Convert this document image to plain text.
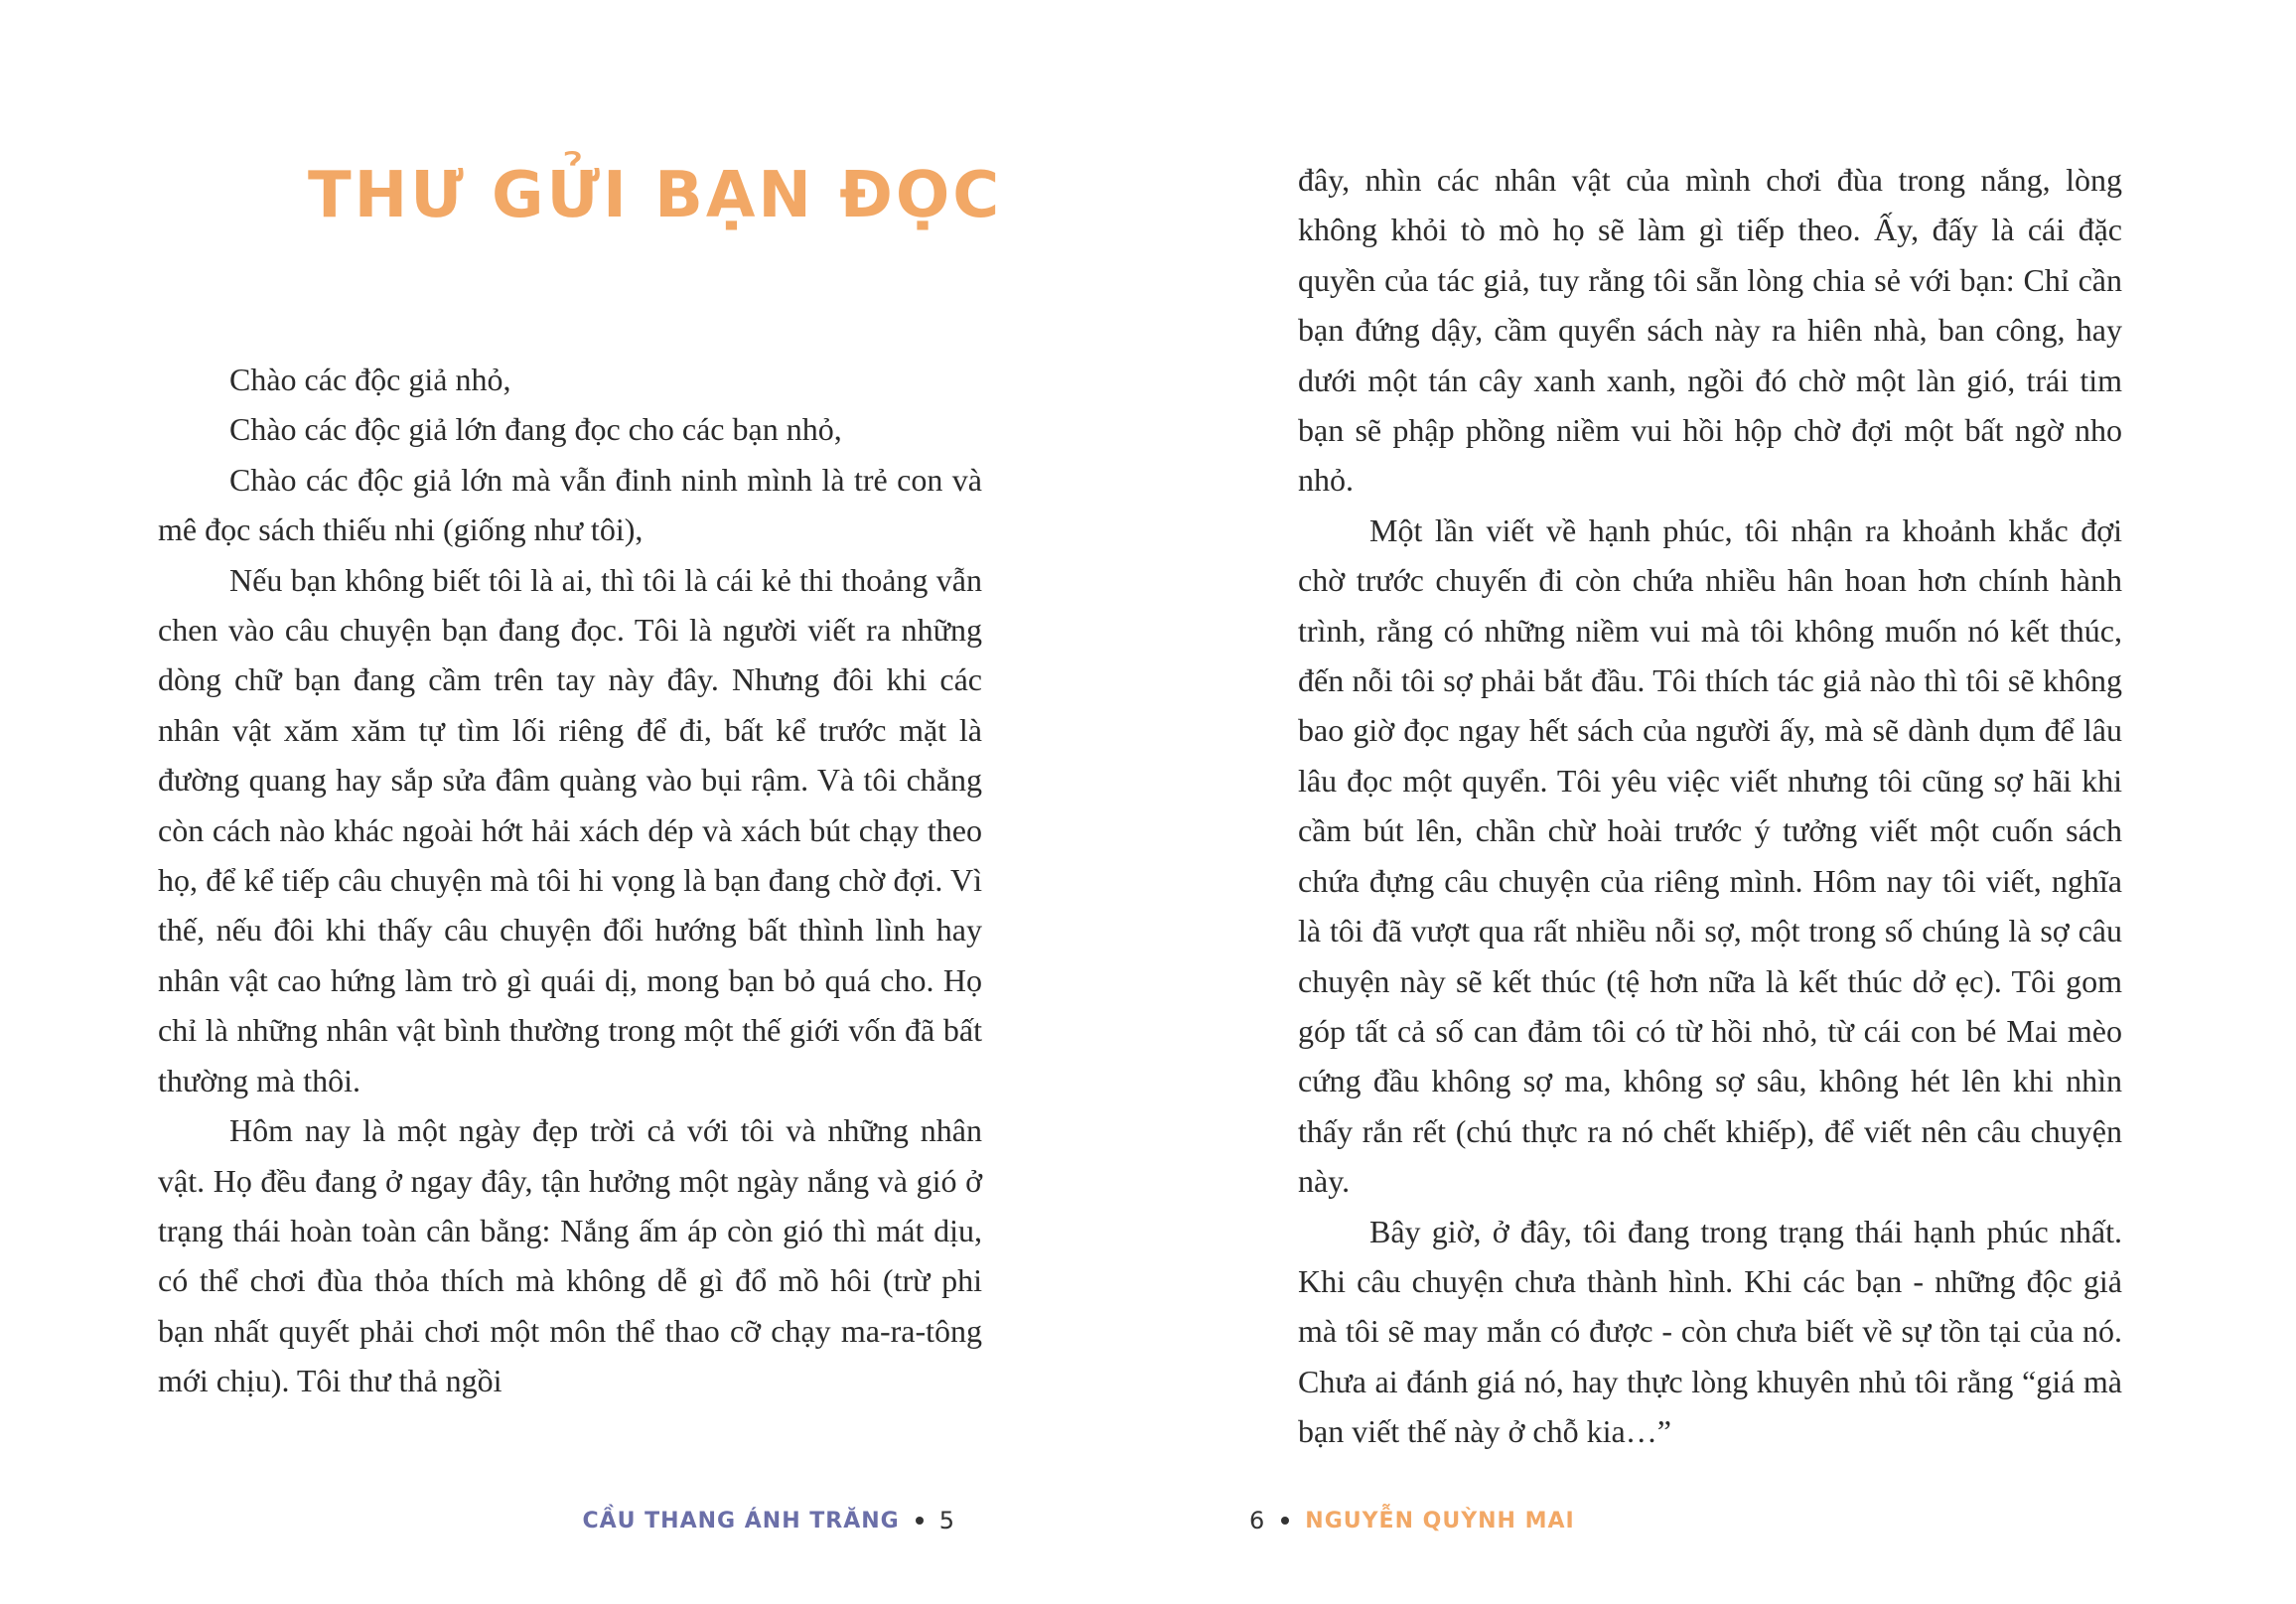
THƯ GỬI BẠN ĐỌC

Chào các độc giả nhỏ,

Chào các độc giả lớn đang đọc cho các bạn nhỏ,

Chào các độc giả lớn mà vẫn đinh ninh mình là trẻ con và mê đọc sách thiếu nhi (giống như tôi),

Nếu bạn không biết tôi là ai, thì tôi là cái kẻ thi thoảng vẫn chen vào câu chuyện bạn đang đọc. Tôi là người viết ra những dòng chữ bạn đang cầm trên tay này đây. Nhưng đôi khi các nhân vật xăm xăm tự tìm lối riêng để đi, bất kể trước mặt là đường quang hay sắp sửa đâm quàng vào bụi rậm. Và tôi chẳng còn cách nào khác ngoài hớt hải xách dép và xách bút chạy theo họ, để kể tiếp câu chuyện mà tôi hi vọng là bạn đang chờ đợi. Vì thế, nếu đôi khi thấy câu chuyện đổi hướng bất thình lình hay nhân vật cao hứng làm trò gì quái dị, mong bạn bỏ quá cho. Họ chỉ là những nhân vật bình thường trong một thế giới vốn đã bất thường mà thôi.

Hôm nay là một ngày đẹp trời cả với tôi và những nhân vật. Họ đều đang ở ngay đây, tận hưởng một ngày nắng và gió ở trạng thái hoàn toàn cân bằng: Nắng ấm áp còn gió thì mát dịu, có thể chơi đùa thỏa thích mà không dễ gì đổ mồ hôi (trừ phi bạn nhất quyết phải chơi một môn thể thao cỡ chạy ma-ra-tông mới chịu). Tôi thư thả ngồi

CẦU THANG ÁNH TRĂNG 5

đây, nhìn các nhân vật của mình chơi đùa trong nắng, lòng không khỏi tò mò họ sẽ làm gì tiếp theo. Ấy, đấy là cái đặc quyền của tác giả, tuy rằng tôi sẵn lòng chia sẻ với bạn: Chỉ cần bạn đứng dậy, cầm quyển sách này ra hiên nhà, ban công, hay dưới một tán cây xanh xanh, ngồi đó chờ một làn gió, trái tim bạn sẽ phập phồng niềm vui hồi hộp chờ đợi một bất ngờ nho nhỏ.

Một lần viết về hạnh phúc, tôi nhận ra khoảnh khắc đợi chờ trước chuyến đi còn chứa nhiều hân hoan hơn chính hành trình, rằng có những niềm vui mà tôi không muốn nó kết thúc, đến nỗi tôi sợ phải bắt đầu. Tôi thích tác giả nào thì tôi sẽ không bao giờ đọc ngay hết sách của người ấy, mà sẽ dành dụm để lâu lâu đọc một quyển. Tôi yêu việc viết nhưng tôi cũng sợ hãi khi cầm bút lên, chần chừ hoài trước ý tưởng viết một cuốn sách chứa đựng câu chuyện của riêng mình. Hôm nay tôi viết, nghĩa là tôi đã vượt qua rất nhiều nỗi sợ, một trong số chúng là sợ câu chuyện này sẽ kết thúc (tệ hơn nữa là kết thúc dở ẹc). Tôi gom góp tất cả số can đảm tôi có từ hồi nhỏ, từ cái con bé Mai mèo cứng đầu không sợ ma, không sợ sâu, không hét lên khi nhìn thấy rắn rết (chú thực ra nó chết khiếp), để viết nên câu chuyện này.

Bây giờ, ở đây, tôi đang trong trạng thái hạnh phúc nhất. Khi câu chuyện chưa thành hình. Khi các bạn - những độc giả mà tôi sẽ may mắn có được - còn chưa biết về sự tồn tại của nó. Chưa ai đánh giá nó, hay thực lòng khuyên nhủ tôi rằng “giá mà bạn viết thế này ở chỗ kia…”

6 NGUYỄN QUỲNH MAI
